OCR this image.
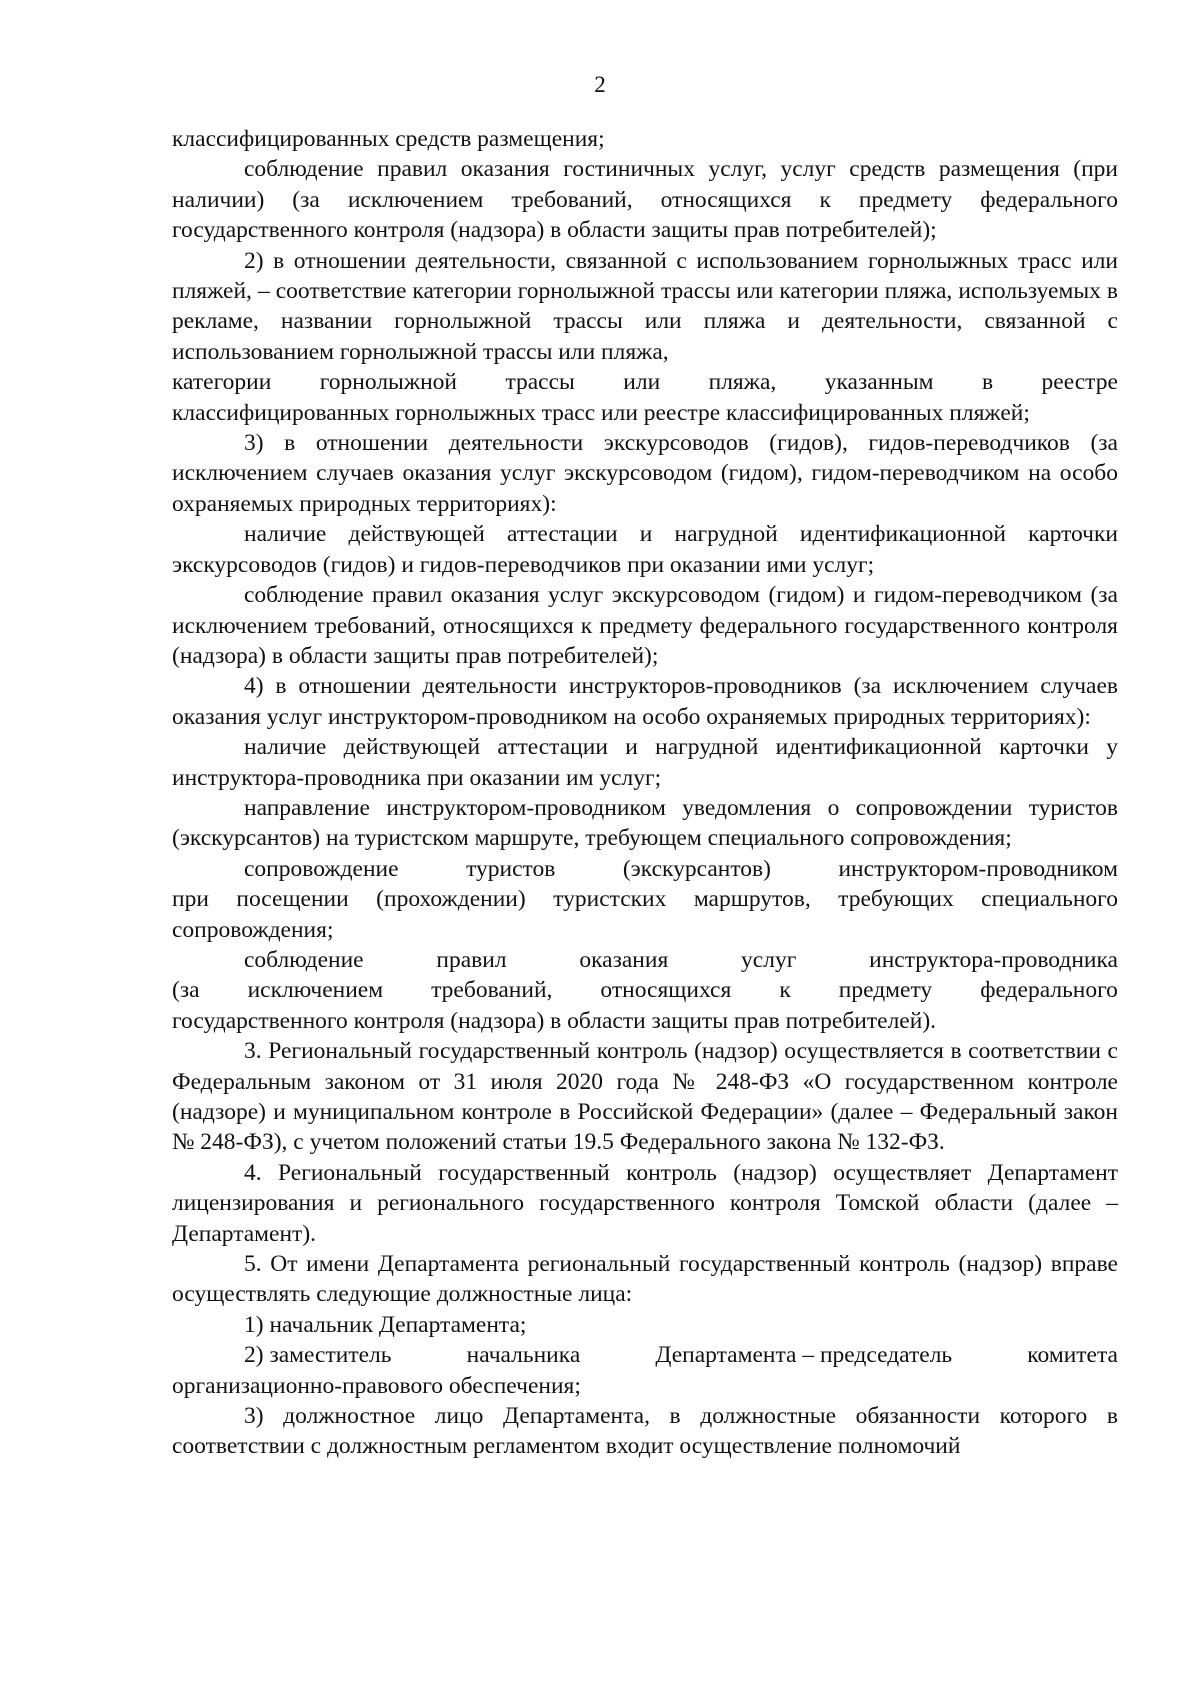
2

классифицированных средств размещения;

соблюдение правил оказания гостиничных услуг, услуг средств размещения (при наличии) (за исключением требований, относящихся к предмету федерального государственного контроля (надзора) в области защиты прав потребителей);

2) в отношении деятельности, связанной с использованием горнолыжных трасс или пляжей, – соответствие категории горнолыжной трассы или категории пляжа, используемых в рекламе, названии горнолыжной трассы или пляжа и деятельности, связанной с использованием горнолыжной трассы или пляжа,

категории горнолыжной трассы или пляжа, указанным в реестре

классифицированных горнолыжных трасс или реестре классифицированных пляжей;

3) в отношении деятельности экскурсоводов (гидов), гидов-переводчиков (за исключением случаев оказания услуг экскурсоводом (гидом), гидом-переводчиком на особо охраняемых природных территориях):

наличие действующей аттестации и нагрудной идентификационной карточки экскурсоводов (гидов) и гидов-переводчиков при оказании ими услуг;

соблюдение правил оказания услуг экскурсоводом (гидом) и гидом-переводчиком (за исключением требований, относящихся к предмету федерального государственного контроля (надзора) в области защиты прав потребителей);

4) в отношении деятельности инструкторов-проводников (за исключением случаев оказания услуг инструктором-проводником на особо охраняемых природных территориях):

наличие действующей аттестации и нагрудной идентификационной карточки у инструктора-проводника при оказании им услуг;

направление инструктором-проводником уведомления о сопровождении туристов (экскурсантов) на туристском маршруте, требующем специального сопровождения;

сопровождение	туристов	(экскурсантов)	инструктором-проводником

при посещении (прохождении) туристских маршрутов, требующих специального сопровождения;

соблюдение	правил	оказания	услуг	инструктора-проводника
(за исключением требований, относящихся к предмету федерального

государственного контроля (надзора) в области защиты прав потребителей).

3. Региональный государственный контроль (надзор) осуществляется в соответствии с Федеральным законом от 31 июля 2020 года № 248-ФЗ «О государственном контроле (надзоре) и муниципальном контроле в Российской Федерации» (далее – Федеральный закон № 248-ФЗ), с учетом положений статьи 19.5 Федерального закона № 132-ФЗ.

4. Региональный государственный контроль (надзор) осуществляет Департамент лицензирования и регионального государственного контроля Томской области (далее – Департамент).

5. От имени Департамента региональный государственный контроль (надзор) вправе осуществлять следующие должностные лица:

1) начальник Департамента;

2) заместитель	начальника	Департамента – председатель	комитета

организационно-правового обеспечения;

3) должностное лицо Департамента, в должностные обязанности которого в соответствии с должностным регламентом входит осуществление полномочий
